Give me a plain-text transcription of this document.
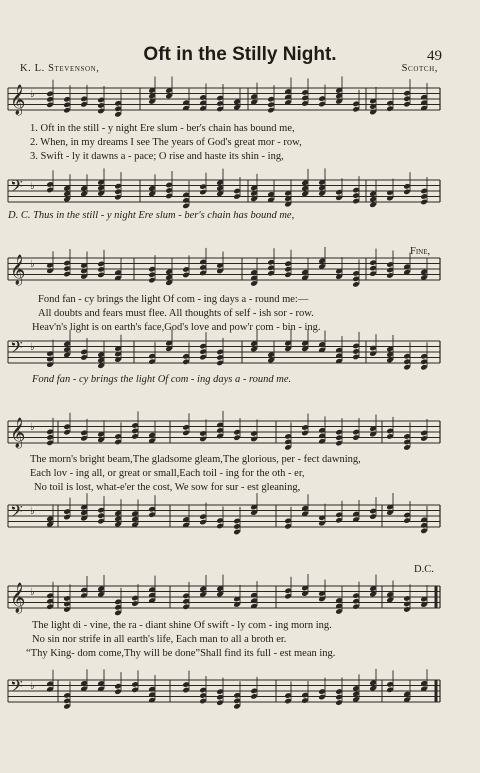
Oft in the Stilly Night.	49
K. L. Stevenson,	Scotch,
𝄞 ♭
𝄢 ♭
𝄞 ♭
𝄢 ♭
𝄞 ♭
𝄢 ♭
𝄞 ♭
𝄢 ♭
1. Oft in the still - y night Ere slum - ber's chain has bound me,
2. When, in my dreams I see The years of God's great mor - row,
3. Swift - ly it dawns a - pace; O rise and haste its shin - ing,
D. C. Thus in the still - y night Ere slum - ber's chain has bound me,
Fine,
Fond fan - cy brings the light Of com - ing days a - round me:—
All doubts and fears must flee. All thoughts of self - ish sor - row.
Heav'n's light is on earth's face,God's love and pow'r com - bin - ing.
Fond fan - cy brings the light Of com - ing days a - round me.
The morn's bright beam,The gladsome gleam,The glorious, per - fect dawning,
Each lov - ing all, or great or small,Each toil - ing for the oth - er,
No toil is lost, what-e'er the cost, We sow for sur - est gleaning,
D.C.
The light di - vine, the ra - diant shine Of swift - ly com - ing morn ing.
No sin nor strife in all earth's life, Each man to all a broth er.
“Thy King- dom come,Thy will be done”Shall find its full - est mean ing.
